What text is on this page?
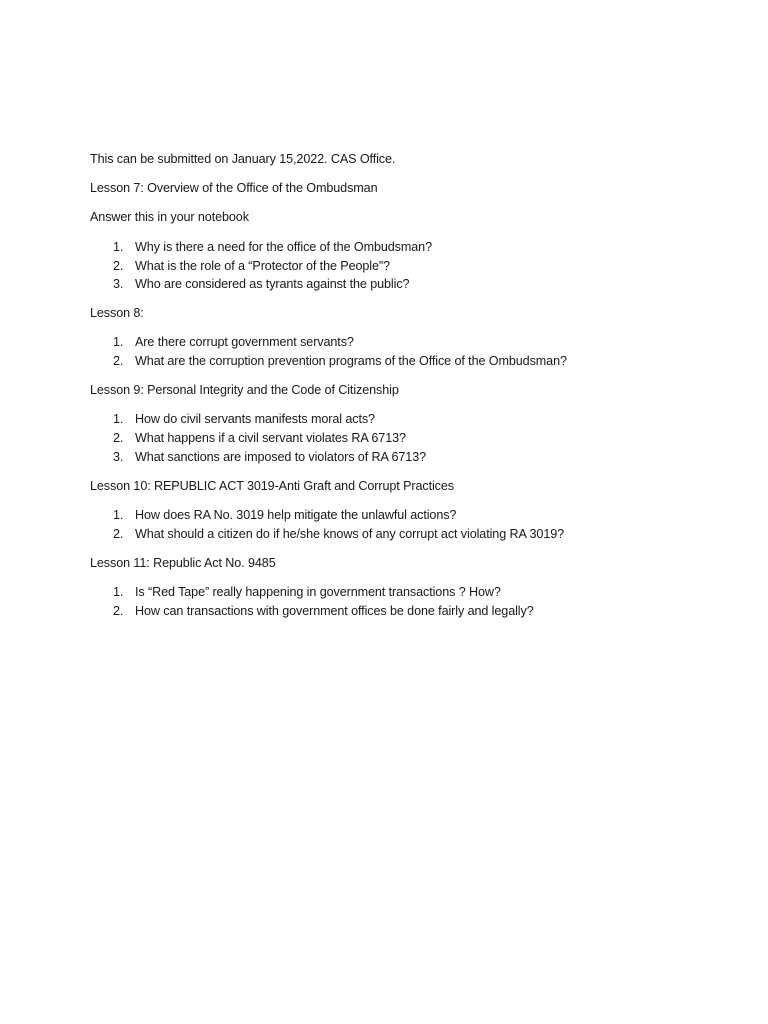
This can be submitted on January 15,2022. CAS Office.
Lesson 7: Overview of the Office of the Ombudsman
Answer this in your notebook
1. Why is there a need for the office of the Ombudsman?
2. What is the role of a “Protector of the People”?
3. Who are considered as tyrants against the public?
Lesson 8:
1. Are there corrupt government servants?
2. What are the corruption prevention programs of the Office of the Ombudsman?
Lesson 9: Personal Integrity and the Code of Citizenship
1. How do civil servants manifests moral acts?
2. What happens if a civil servant violates RA 6713?
3. What sanctions are imposed to violators of RA 6713?
Lesson 10: REPUBLIC ACT 3019-Anti Graft and Corrupt Practices
1. How does RA No. 3019 help mitigate the unlawful actions?
2. What should a citizen do if he/she knows of any corrupt act violating RA 3019?
Lesson 11: Republic Act No. 9485
1. Is “Red Tape” really happening in government transactions ? How?
2. How can transactions with government offices be done fairly and legally?
